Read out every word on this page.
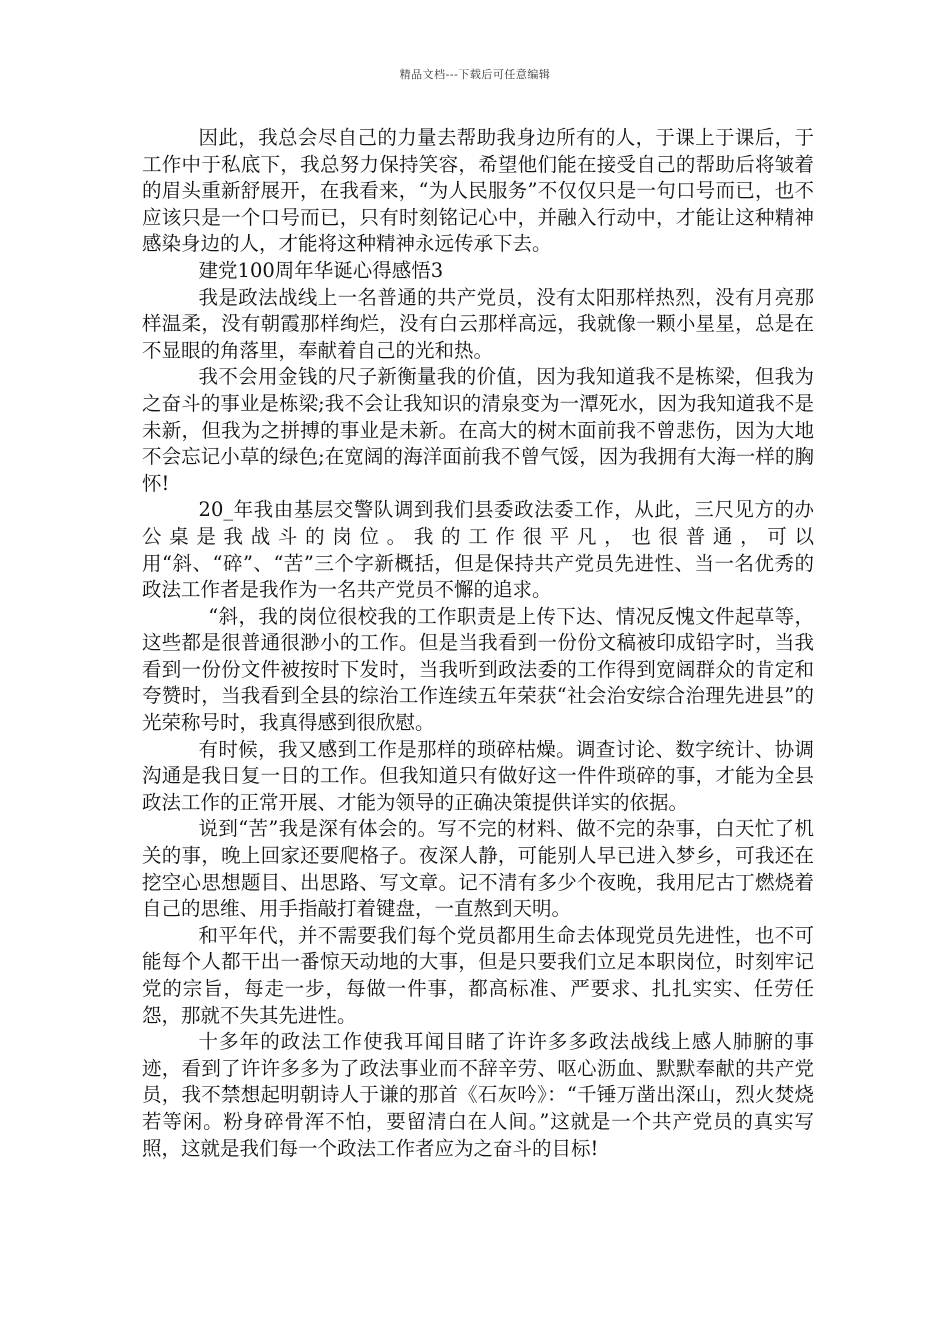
精品文档---下载后可任意编辑

因此，我总会尽自己的力量去帮助我身边所有的人，于课上于课后，于工作中于私底下，我总努力保持笑容，希望他们能在接受自己的帮助后将皱着的眉头重新舒展开，在我看来，“为人民服务”不仅仅只是一句口号而已，也不应该只是一个口号而已，只有时刻铭记心中，并融入行动中，才能让这种精神感染身边的人，才能将这种精神永远传承下去。

建党100周年华诞心得感悟3

我是政法战线上一名普通的共产党员，没有太阳那样热烈，没有月亮那样温柔，没有朝霞那样绚烂，没有白云那样高远，我就像一颗小星星，总是在不显眼的角落里，奉献着自己的光和热。

我不会用金钱的尺子新衡量我的价值，因为我知道我不是栋梁，但我为之奋斗的事业是栋梁;我不会让我知识的清泉变为一潭死水，因为我知道我不是未新，但我为之拼搏的事业是未新。在高大的树木面前我不曾悲伤，因为大地不会忘记小草的绿色;在宽阔的海洋面前我不曾气馁，因为我拥有大海一样的胸怀!

20_年我由基层交警队调到我们县委政法委工作，从此，三尺见方的办公桌是我战斗的岗位。我的工作很平凡，也很普通，可以用“斜、“碎”、“苦”三个字新概括，但是保持共产党员先进性、当一名优秀的政法工作者是我作为一名共产党员不懈的追求。

“斜，我的岗位很校我的工作职责是上传下达、情况反愧文件起草等，这些都是很普通很渺小的工作。但是当我看到一份份文稿被印成铅字时，当我看到一份份文件被按时下发时，当我听到政法委的工作得到宽阔群众的肯定和夸赞时，当我看到全县的综治工作连续五年荣获“社会治安综合治理先进县”的光荣称号时，我真得感到很欣慰。

有时候，我又感到工作是那样的琐碎枯燥。调查讨论、数字统计、协调沟通是我日复一日的工作。但我知道只有做好这一件件琐碎的事，才能为全县政法工作的正常开展、才能为领导的正确决策提供详实的依据。

说到“苦”我是深有体会的。写不完的材料、做不完的杂事，白天忙了机关的事，晚上回家还要爬格子。夜深人静，可能别人早已进入梦乡，可我还在挖空心思想题目、出思路、写文章。记不清有多少个夜晚，我用尼古丁燃烧着自己的思维、用手指敲打着键盘，一直熬到天明。

和平年代，并不需要我们每个党员都用生命去体现党员先进性，也不可能每个人都干出一番惊天动地的大事，但是只要我们立足本职岗位，时刻牢记党的宗旨，每走一步，每做一件事，都高标准、严要求、扎扎实实、任劳任怨，那就不失其先进性。

十多年的政法工作使我耳闻目睹了许许多多政法战线上感人肺腑的事迹，看到了许许多多为了政法事业而不辞辛劳、呕心沥血、默默奉献的共产党员，我不禁想起明朝诗人于谦的那首《石灰吟》：“千锤万凿出深山，烈火焚烧若等闲。粉身碎骨浑不怕，要留清白在人间。”这就是一个共产党员的真实写照，这就是我们每一个政法工作者应为之奋斗的目标!
